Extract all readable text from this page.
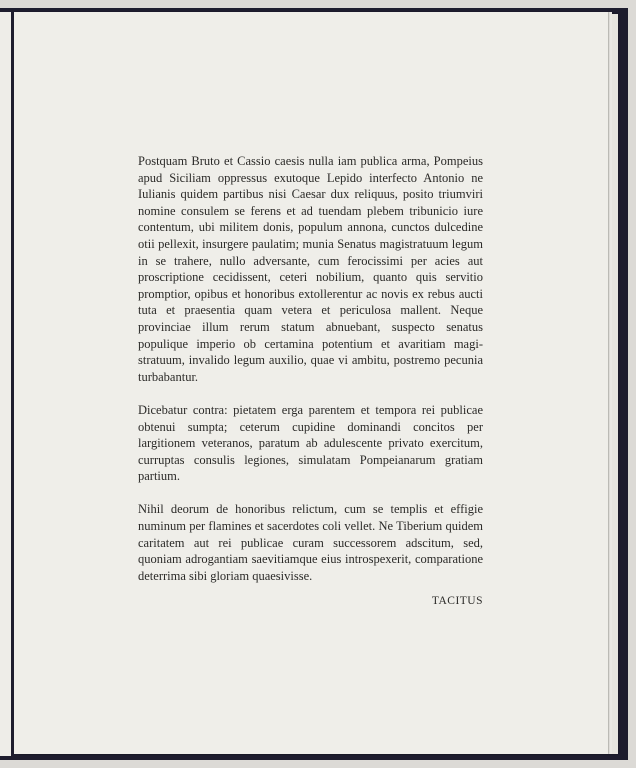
Postquam Bruto et Cassio caesis nulla iam publica arma, Pompeius apud Siciliam oppressus exutoque Lepido interfecto Antonio ne Iulianis quidem partibus nisi Caesar dux reliquus, posito triumviri nomine consulem se ferens et ad tuendam plebem tribunicio iure contentum, ubi militem donis, populum annona, cunctos dulcedine otii pellexit, insurgere paulatim; munia Senatus magistratuum legum in se trahere, nullo adversante, cum ferocissimi per acies aut proscriptione cecidissent, ceteri nobilium, quanto quis servitio promptior, opibus et honoribus extollerentur ac novis ex rebus aucti tuta et praesentia quam vetera et periculosa mallent. Neque provinciae illum rerum statum abnuebant, suspecto senatus populique imperio ob certamina potentium et avaritiam magistratuum, invalido legum auxilio, quae vi ambitu, postremo pecunia turbabantur.

Dicebatur contra: pietatem erga parentem et tempora rei publicae obtenui sumpta; ceterum cupidine dominandi concitos per largitionem veteranos, paratum ab adulescente privato exercitum, curruptas consulis legiones, simulatam Pompeianarum gratiam partium.

Nihil deorum de honoribus relictum, cum se templis et effigie numinum per flamines et sacerdotes coli vellet. Ne Tiberium quidem caritatem aut rei publicae curam successorem adscitum, sed, quoniam adrogantiam saevitiamque eius introspexerit, comparatione deterrima sibi gloriam quaesivisse.

TACITUS
